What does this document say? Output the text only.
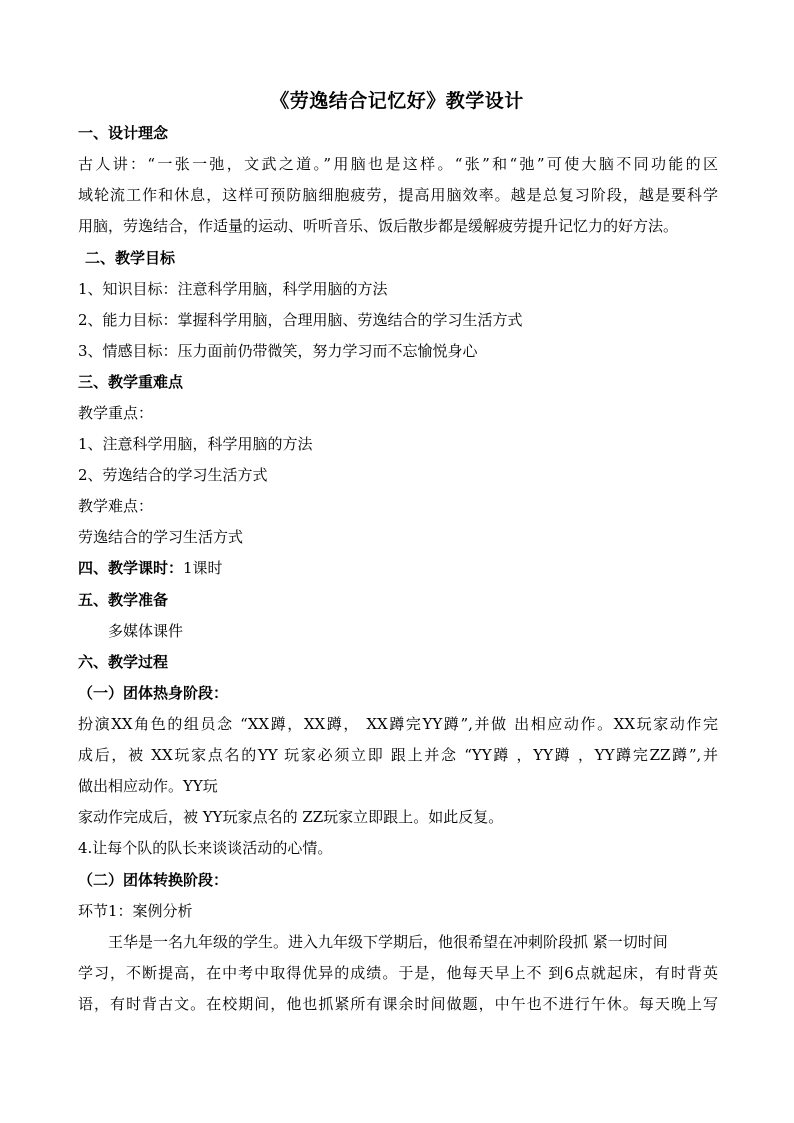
《劳逸结合记忆好》教学设计
一、设计理念
古人讲：“一张一弛，文武之道。”用脑也是这样。“张”和“弛”可使大脑不同功能的区
域轮流工作和休息，这样可预防脑细胞疲劳，提高用脑效率。越是总复习阶段，越是要科学
用脑，劳逸结合，作适量的运动、听听音乐、饭后散步都是缓解疲劳提升记忆力的好方法。
二、教学目标
1、知识目标：注意科学用脑，科学用脑的方法
2、能力目标：掌握科学用脑，合理用脑、劳逸结合的学习生活方式
3、情感目标：压力面前仍带微笑，努力学习而不忘愉悦身心
三、教学重难点
教学重点：
1、注意科学用脑，科学用脑的方法
2、劳逸结合的学习生活方式
教学难点：
劳逸结合的学习生活方式
四、教学课时：1课时
五、教学准备
多媒体课件
六、教学过程
（一）团体热身阶段：
扮演XX角色的组员念 “XX蹲，XX蹲， XX蹲完YY蹲”,并做 出相应动作。XX玩家动作完
成后，被 XX玩家点名的YY 玩家必须立即 跟上并念 “YY蹲 ，YY蹲 ，YY蹲完ZZ蹲”,并
做出相应动作。YY玩
家动作完成后，被 YY玩家点名的 ZZ玩家立即跟上。如此反复。
4.让每个队的队长来谈谈活动的心情。
（二）团体转换阶段：
环节1：案例分析
王华是一名九年级的学生。进入九年级下学期后，他很希望在冲刺阶段抓 紧一切时间
学习，不断提高，在中考中取得优异的成绩。于是，他每天早上不 到6点就起床，有时背英
语，有时背古文。在校期间，他也抓紧所有课余时间做题，中午也不进行午休。每天晚上写
